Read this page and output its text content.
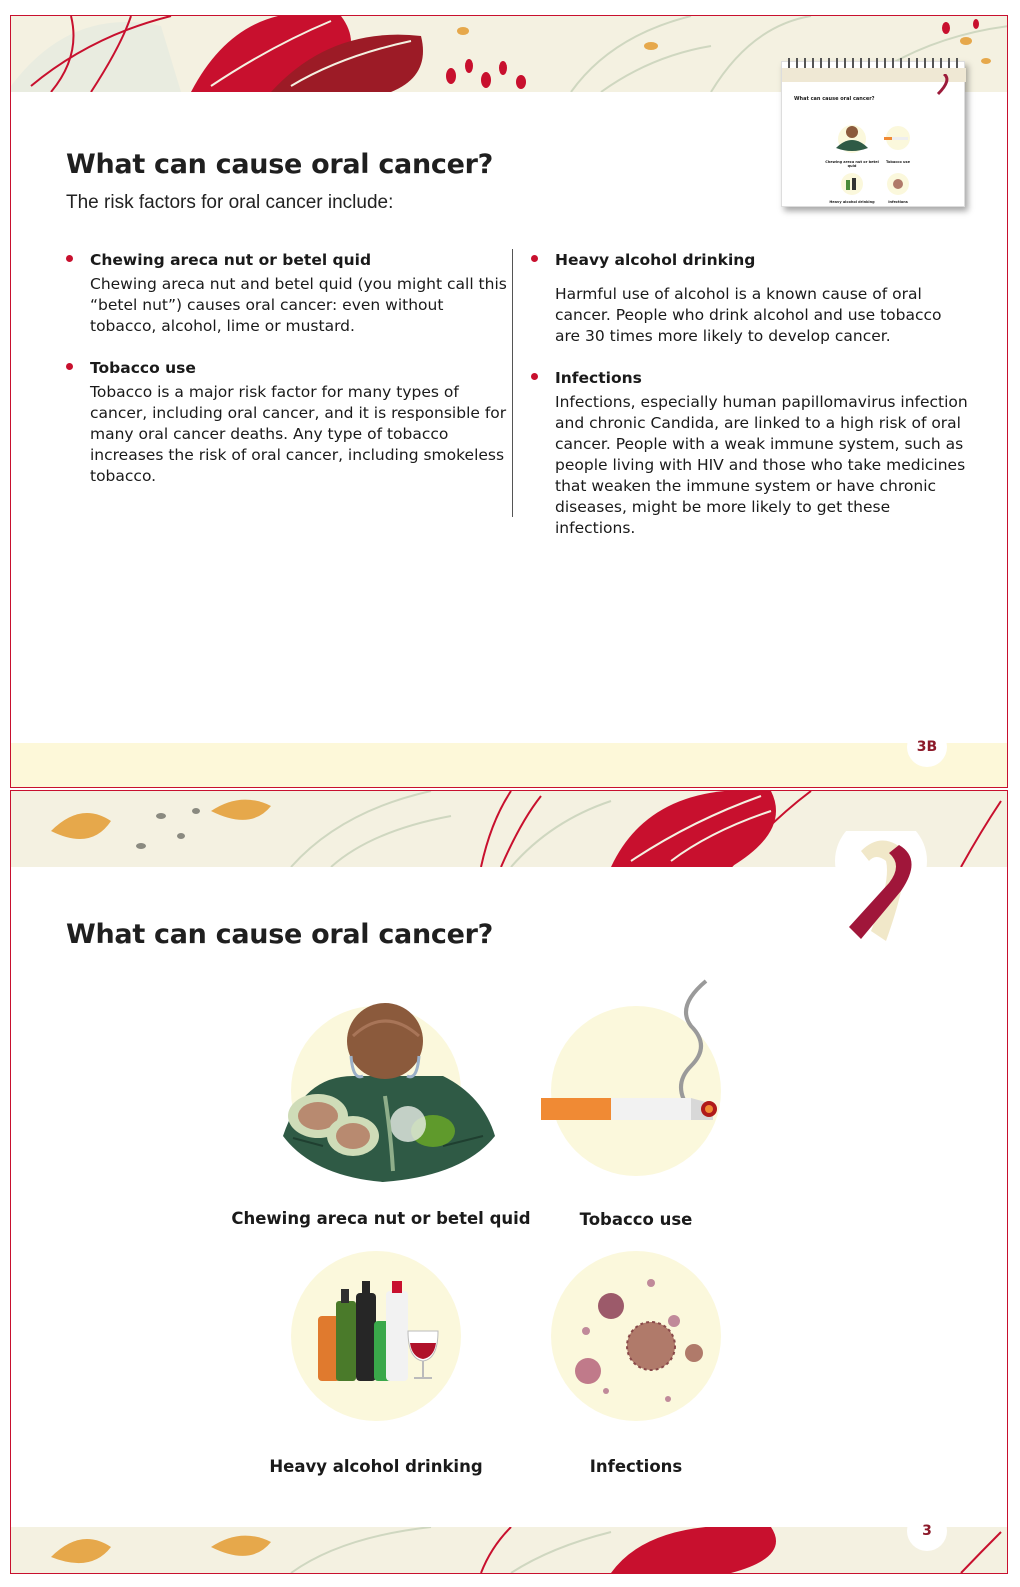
What can cause oral cancer?
Chewing areca nut or betel quid
Tobacco use
Heavy alcohol drinking	Infections
What can cause oral cancer?
The risk factors for oral cancer include:
Chewing areca nut or betel quid
Chewing areca nut and betel quid (you might call this “betel nut”) causes oral cancer: even without tobacco, alcohol, lime or mustard.
Tobacco use
Tobacco is a major risk factor for many types of cancer, including oral cancer, and it is responsible for many oral cancer deaths. Any type of tobacco increases the risk of oral cancer, including smokeless tobacco.
Heavy alcohol drinking
Harmful use of alcohol is a known cause of oral cancer. People who drink alcohol and use tobacco are 30 times more likely to develop cancer.
Infections
Infections, especially human papillomavirus infection and chronic Candida, are linked to a high risk of oral cancer. People with a weak immune system, such as people living with HIV and those who take medicines that weaken the immune system or have chronic diseases, might be more likely to get these infections.
3B
What can cause oral cancer?
Chewing areca nut or betel quid	Tobacco use
Heavy alcohol drinking	Infections
3
